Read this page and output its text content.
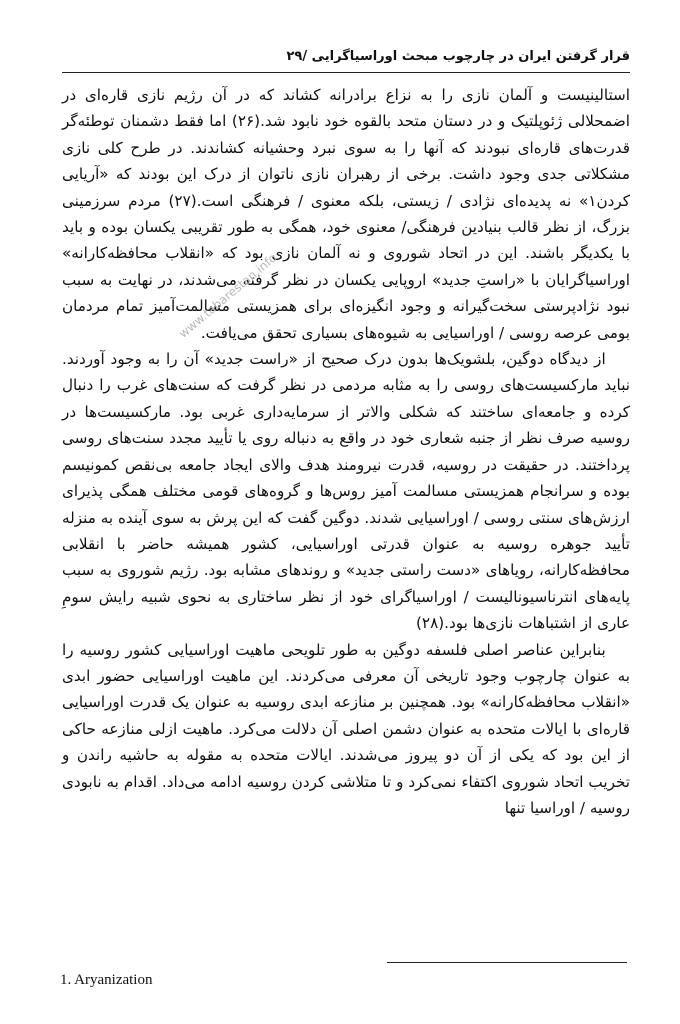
قرار گرفتن ایران در چارچوب مبحث اوراسیاگرایی /۲۹

استالینیست و آلمان نازی را به نزاع برادرانه کشاند که در آن رژیم نازی قاره‌ای در اضمحلالی ژئوپلتیک و در دستان متحد بالقوه خود نابود شد.(۲۶) اما فقط دشمنان توطئه‌گر قدرت‌های قاره‌ای نبودند که آنها را به سوی نبرد وحشیانه کشاندند. در طرح کلی نازی مشکلاتی جدی وجود داشت. برخی از رهبران نازی ناتوان از درک این بودند که «آریایی کردن۱» نه پدیده‌ای نژادی / زیستی، بلکه معنوی / فرهنگی است.(۲۷) مردم سرزمینی بزرگ، از نظر قالب بنیادین فرهنگی/ معنوی خود، همگی به طور تقریبی یکسان بوده و باید با یکدیگر باشند. این در اتحاد شوروی و نه آلمان نازی بود که «انقلاب محافظه‌کارانه» اوراسیاگرایان با «راستِ جدید» اروپایی یکسان در نظر گرفته می‌شدند، در نهایت به سبب نبود نژادپرستی سخت‌گیرانه و وجود انگیزه‌ای برای همزیستی مسالمت‌آمیز تمام مردمان بومی عرصه روسی / اوراسیایی به شیوه‌های بسیاری تحقق می‌یافت.

از دیدگاه دوگین، بلشویک‌ها بدون درک صحیح از «راست جدید» آن را به وجود آوردند. نباید مارکسیست‌های روسی را به مثابه مردمی در نظر گرفت که سنت‌های غرب را دنبال کرده و جامعه‌ای ساختند که شکلی والاتر از سرمایه‌داری غربی بود. مارکسیست‌ها در روسیه صرف نظر از جنبه شعاری خود در واقع به دنباله روی یا تأیید مجدد سنت‌های روسی پرداختند. در حقیقت در روسیه، قدرت نیرومند هدف والای ایجاد جامعه بی‌نقص کمونیسم بوده و سرانجام همزیستی مسالمت آمیز روس‌ها و گروه‌های قومی مختلف همگی پذیرای ارزش‌های سنتی روسی / اوراسیایی شدند. دوگین گفت که این پرش به سوی آینده به منزله تأیید جوهره روسیه به عنوان قدرتی اوراسیایی، کشور همیشه حاضر با انقلابی محافظه‌کارانه، رویاهای «دست راستی جدید» و روندهای مشابه بود. رژیم شوروی به سبب پایه‌های انترناسیونالیست / اوراسیاگرای خود از نظر ساختاری به نحوی شبیه رایش سومِ عاری از اشتباهات نازی‌ها بود.(۲۸)

بنابراین عناصر اصلی فلسفه دوگین به طور تلویحی ماهیت اوراسیایی کشور روسیه را به عنوان چارچوب وجود تاریخی آن معرفی می‌کردند. این ماهیت اوراسیایی حضور ابدی «انقلاب محافظه‌کارانه» بود. همچنین بر منازعه ابدی روسیه به عنوان یک قدرت اوراسیایی قاره‌ای با ایالات متحده به عنوان دشمن اصلی آن دلالت می‌کرد. ماهیت ازلی منازعه حاکی از این بود که یکی از آن دو پیروز می‌شدند. ایالات متحده به مقوله به حاشیه راندن و تخریب اتحاد شوروی اکتفاء نمی‌کرد و تا متلاشی کردن روسیه ادامه می‌داد. اقدام به نابودی روسیه / اوراسیا تنها

www.tabarestan.info
1. Aryanization
